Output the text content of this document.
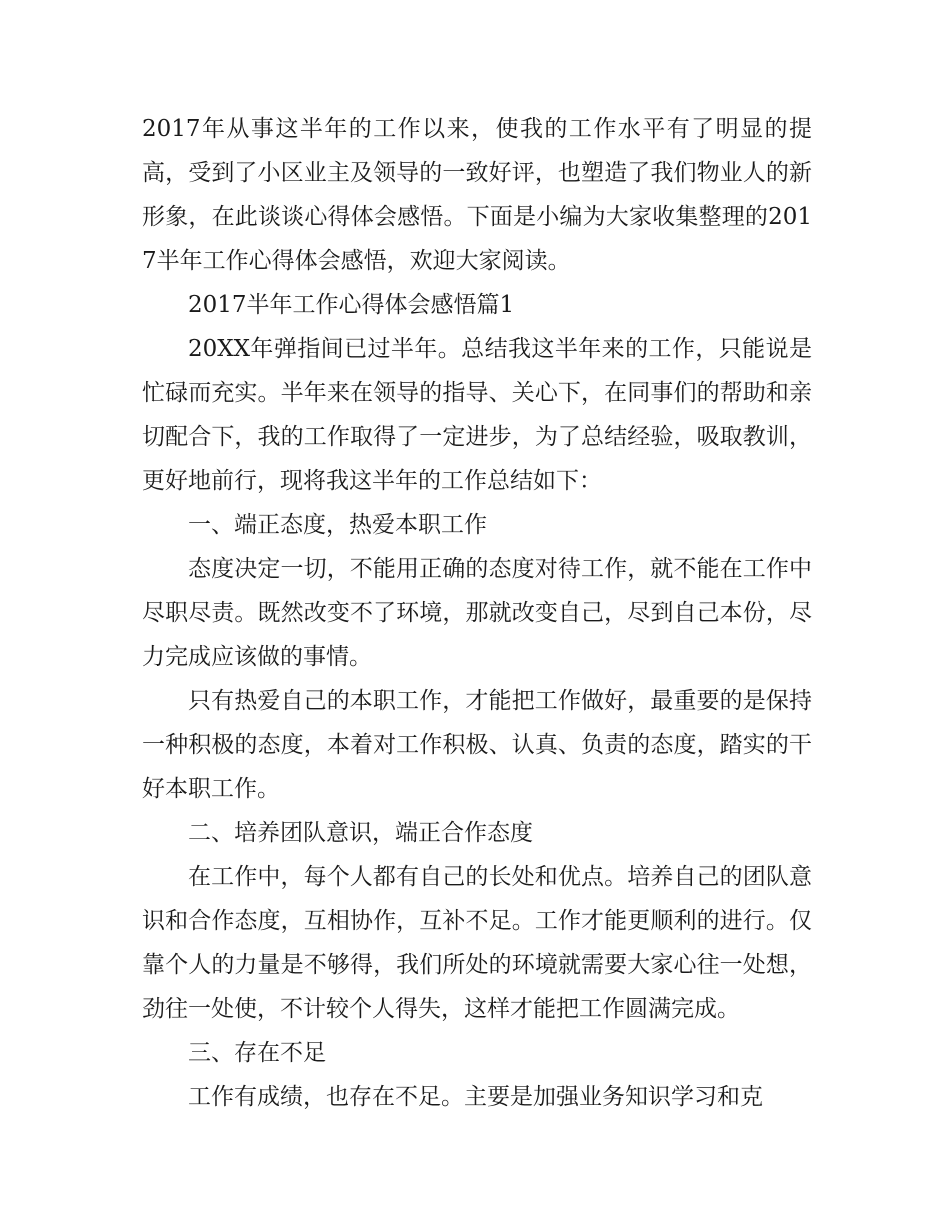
2017年从事这半年的工作以来，使我的工作水平有了明显的提高，受到了小区业主及领导的一致好评，也塑造了我们物业人的新形象，在此谈谈心得体会感悟。下面是小编为大家收集整理的2017半年工作心得体会感悟，欢迎大家阅读。

2017半年工作心得体会感悟篇1

20XX年弹指间已过半年。总结我这半年来的工作，只能说是忙碌而充实。半年来在领导的指导、关心下，在同事们的帮助和亲切配合下，我的工作取得了一定进步，为了总结经验，吸取教训，更好地前行，现将我这半年的工作总结如下：

一、端正态度，热爱本职工作

态度决定一切，不能用正确的态度对待工作，就不能在工作中尽职尽责。既然改变不了环境，那就改变自己，尽到自己本份，尽力完成应该做的事情。

只有热爱自己的本职工作，才能把工作做好，最重要的是保持一种积极的态度，本着对工作积极、认真、负责的态度，踏实的干好本职工作。

二、培养团队意识，端正合作态度

在工作中，每个人都有自己的长处和优点。培养自己的团队意识和合作态度，互相协作，互补不足。工作才能更顺利的进行。仅靠个人的力量是不够得，我们所处的环境就需要大家心往一处想，劲往一处使，不计较个人得失，这样才能把工作圆满完成。

三、存在不足

工作有成绩，也存在不足。主要是加强业务知识学习和克
